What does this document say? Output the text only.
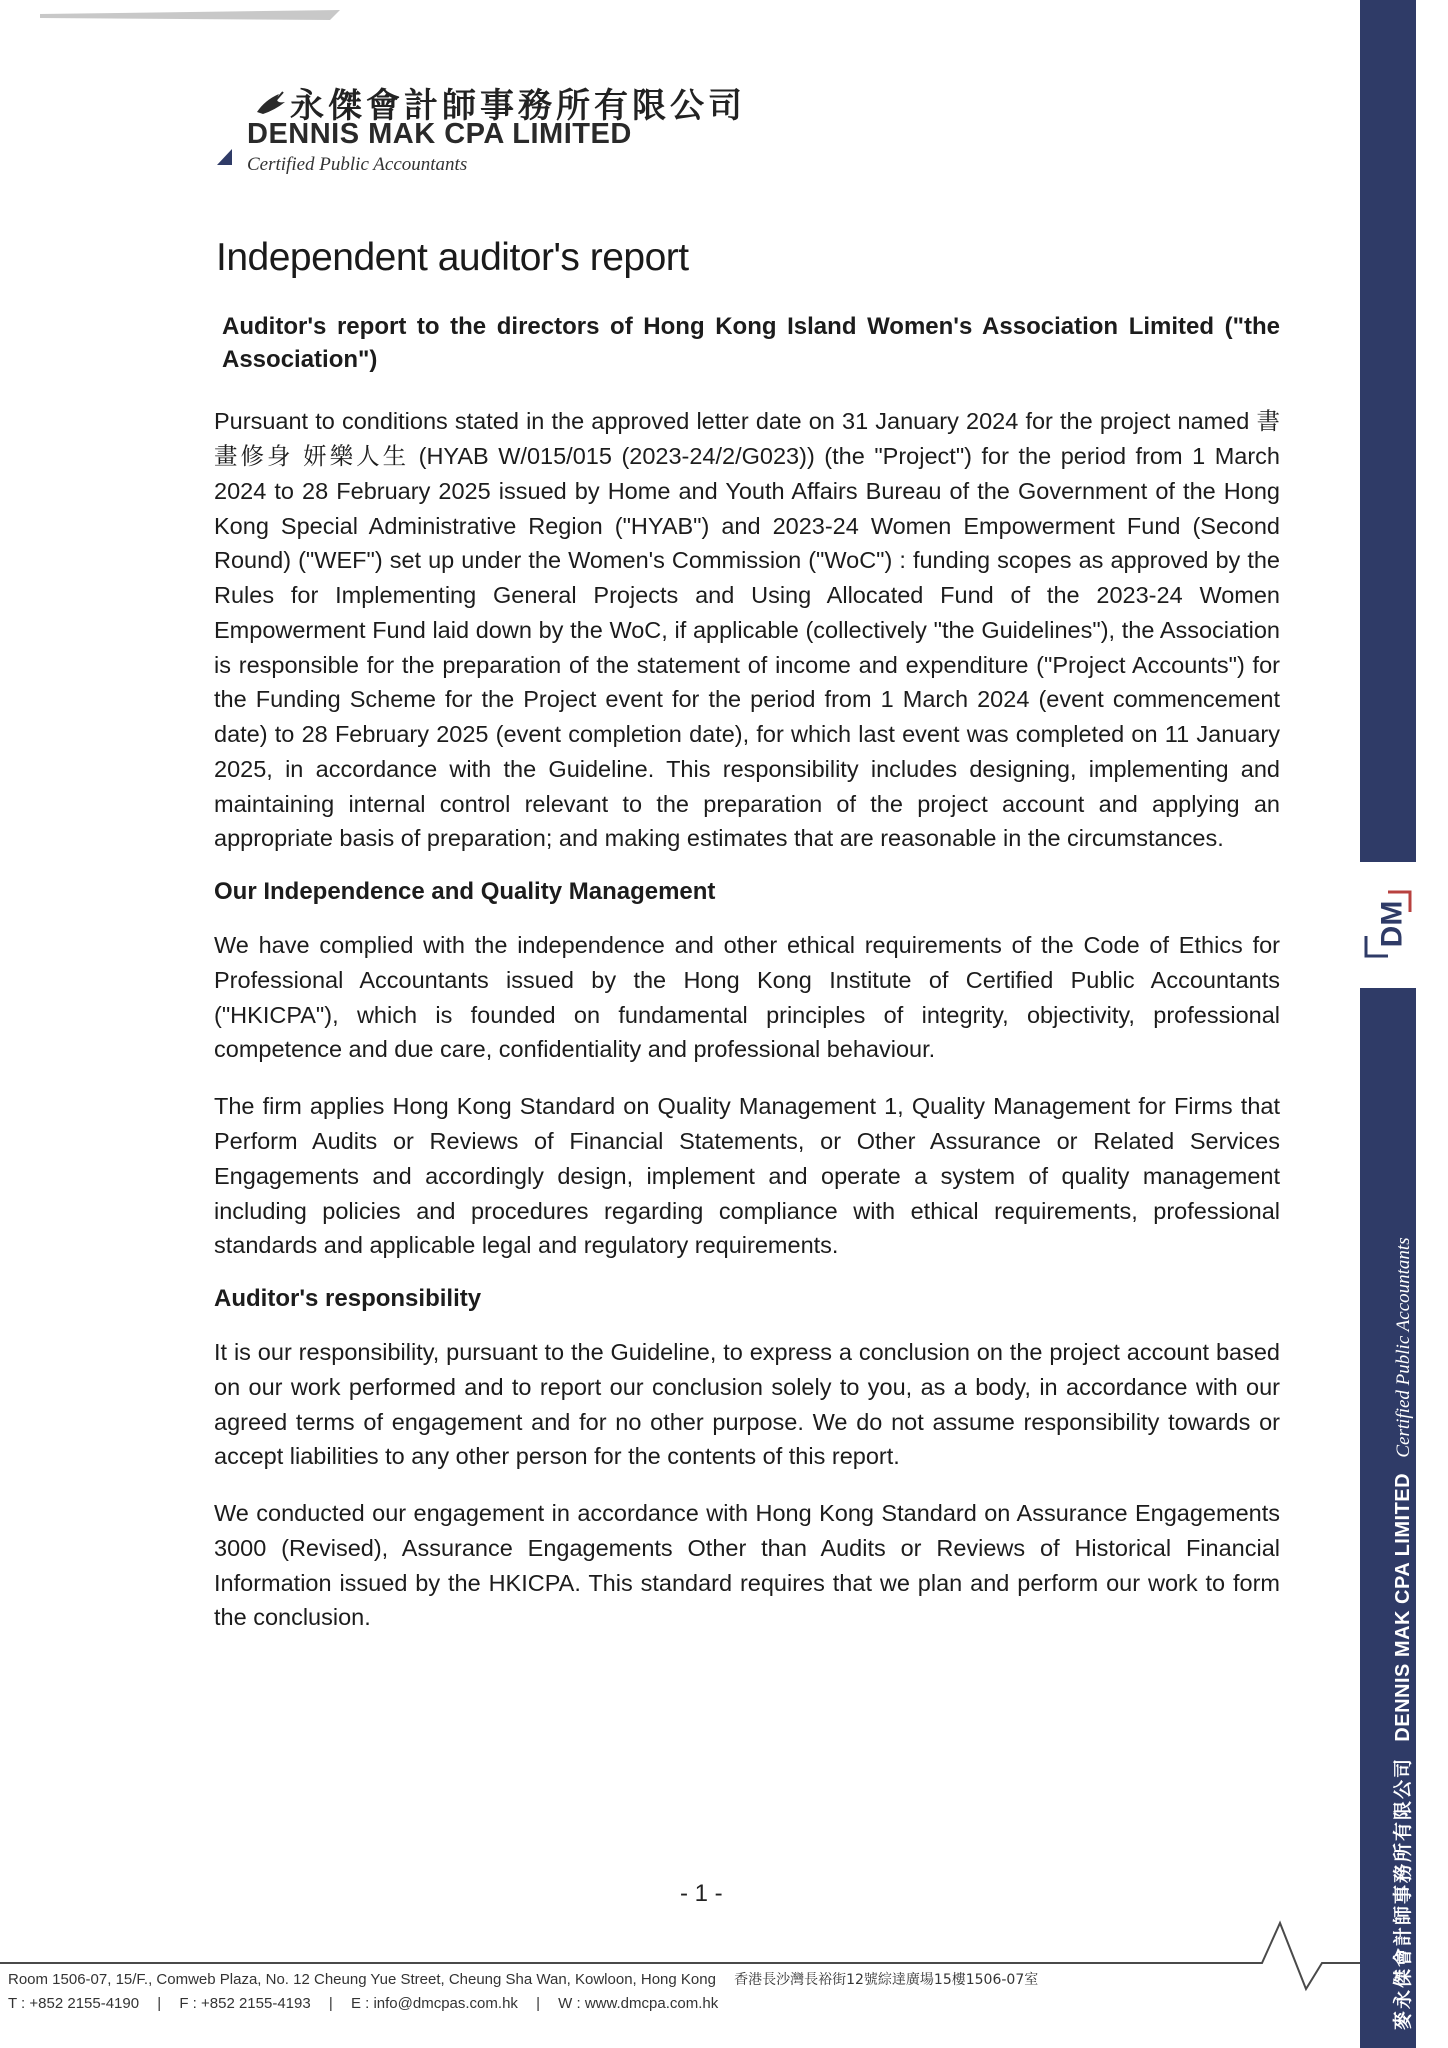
永傑會計師事務所有限公司
DENNIS MAK CPA LIMITED
Certified Public Accountants
Independent auditor's report
Auditor's report to the directors of Hong Kong Island Women's Association Limited ("the Association")

Pursuant to conditions stated in the approved letter date on 31 January 2024 for the project named 書畫修身 妍樂人生 (HYAB W/015/015 (2023-24/2/G023)) (the "Project") for the period from 1 March 2024 to 28 February 2025 issued by Home and Youth Affairs Bureau of the Government of the Hong Kong Special Administrative Region ("HYAB") and 2023-24 Women Empowerment Fund (Second Round) ("WEF") set up under the Women's Commission ("WoC") : funding scopes as approved by the Rules for Implementing General Projects and Using Allocated Fund of the 2023-24 Women Empowerment Fund laid down by the WoC, if applicable (collectively "the Guidelines"), the Association is responsible for the preparation of the statement of income and expenditure ("Project Accounts") for the Funding Scheme for the Project event for the period from 1 March 2024 (event commencement date) to 28 February 2025 (event completion date), for which last event was completed on 11 January 2025, in accordance with the Guideline. This responsibility includes designing, implementing and maintaining internal control relevant to the preparation of the project account and applying an appropriate basis of preparation; and making estimates that are reasonable in the circumstances.

Our Independence and Quality Management

We have complied with the independence and other ethical requirements of the Code of Ethics for Professional Accountants issued by the Hong Kong Institute of Certified Public Accountants ("HKICPA"), which is founded on fundamental principles of integrity, objectivity, professional competence and due care, confidentiality and professional behaviour.

The firm applies Hong Kong Standard on Quality Management 1, Quality Management for Firms that Perform Audits or Reviews of Financial Statements, or Other Assurance or Related Services Engagements and accordingly design, implement and operate a system of quality management including policies and procedures regarding compliance with ethical requirements, professional standards and applicable legal and regulatory requirements.

Auditor's responsibility

It is our responsibility, pursuant to the Guideline, to express a conclusion on the project account based on our work performed and to report our conclusion solely to you, as a body, in accordance with our agreed terms of engagement and for no other purpose. We do not assume responsibility towards or accept liabilities to any other person for the contents of this report.

We conducted our engagement in accordance with Hong Kong Standard on Assurance Engagements 3000 (Revised), Assurance Engagements Other than Audits or Reviews of Historical Financial Information issued by the HKICPA. This standard requires that we plan and perform our work to form the conclusion.

- 1 -
Room 1506-07, 15/F., Comweb Plaza, No. 12 Cheung Yue Street, Cheung Sha Wan, Kowloon, Hong Kong 香港長沙灣長裕街12號綜達廣場15樓1506-07室
T : +852 2155-4190 | F : +852 2155-4193 | E : info@dmcpas.com.hk | W : www.dmcpa.com.hk
DM
麥永傑會計師事務所有限公司 DENNIS MAK CPA LIMITED Certified Public Accountants
